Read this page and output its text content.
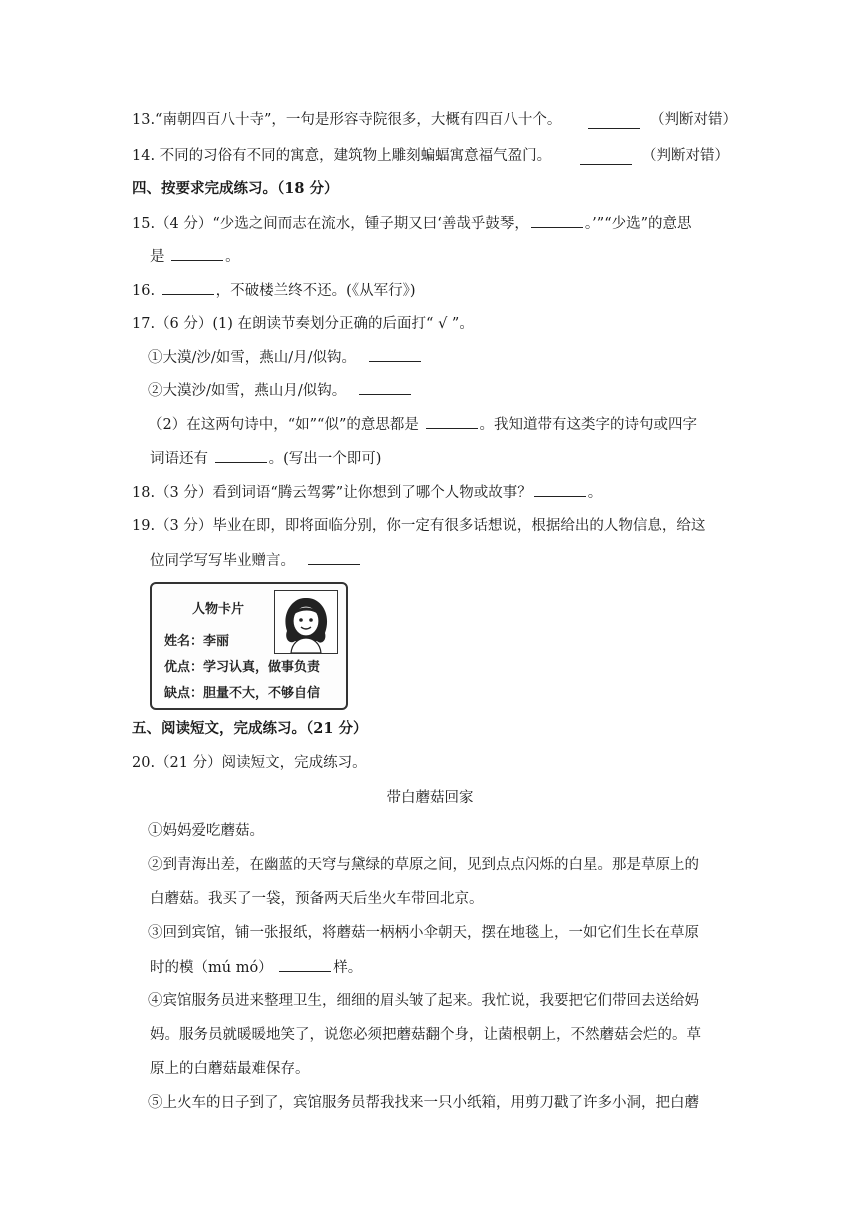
13.“南朝四百八十寺”，一句是形容寺院很多，大概有四百八十个。	（判断对错）
14. 不同的习俗有不同的寓意，建筑物上雕刻蝙蝠寓意福气盈门。	（判断对错）
四、按要求完成练习。（18 分）
15.（4 分）“少选之间而志在流水，锺子期又曰‘善哉乎鼓琴，	。’”“少选”的意思
是	。
16.	，不破楼兰终不还。(《从军行》)
17.（6 分）(1) 在朗读节奏划分正确的后面打“ √ ”。
①大漠/沙/如雪，燕山/月/似钩。
②大漠沙/如雪，燕山月/似钩。
（2）在这两句诗中，“如”“似”的意思都是	。我知道带有这类字的诗句或四字
词语还有	。(写出一个即可)
18.（3 分）看到词语“腾云驾雾”让你想到了哪个人物或故事？	。
19.（3 分）毕业在即，即将面临分别，你一定有很多话想说，根据给出的人物信息，给这
位同学写写毕业赠言。
人物卡片
姓名：李丽
优点：学习认真，做事负责
缺点：胆量不大，不够自信
五、阅读短文，完成练习。（21 分）
20.（21 分）阅读短文，完成练习。
带白蘑菇回家
①妈妈爱吃蘑菇。
②到青海出差，在幽蓝的天穹与黛绿的草原之间，见到点点闪烁的白星。那是草原上的
白蘑菇。我买了一袋，预备两天后坐火车带回北京。
③回到宾馆，铺一张报纸，将蘑菇一柄柄小伞朝天，摆在地毯上，一如它们生长在草原
时的模（mú mó）	样。
④宾馆服务员进来整理卫生，细细的眉头皱了起来。我忙说，我要把它们带回去送给妈
妈。服务员就暖暖地笑了，说您必须把蘑菇翻个身，让菌根朝上，不然蘑菇会烂的。草
原上的白蘑菇最难保存。
⑤上火车的日子到了，宾馆服务员帮我找来一只小纸箱，用剪刀戳了许多小洞，把白蘑
